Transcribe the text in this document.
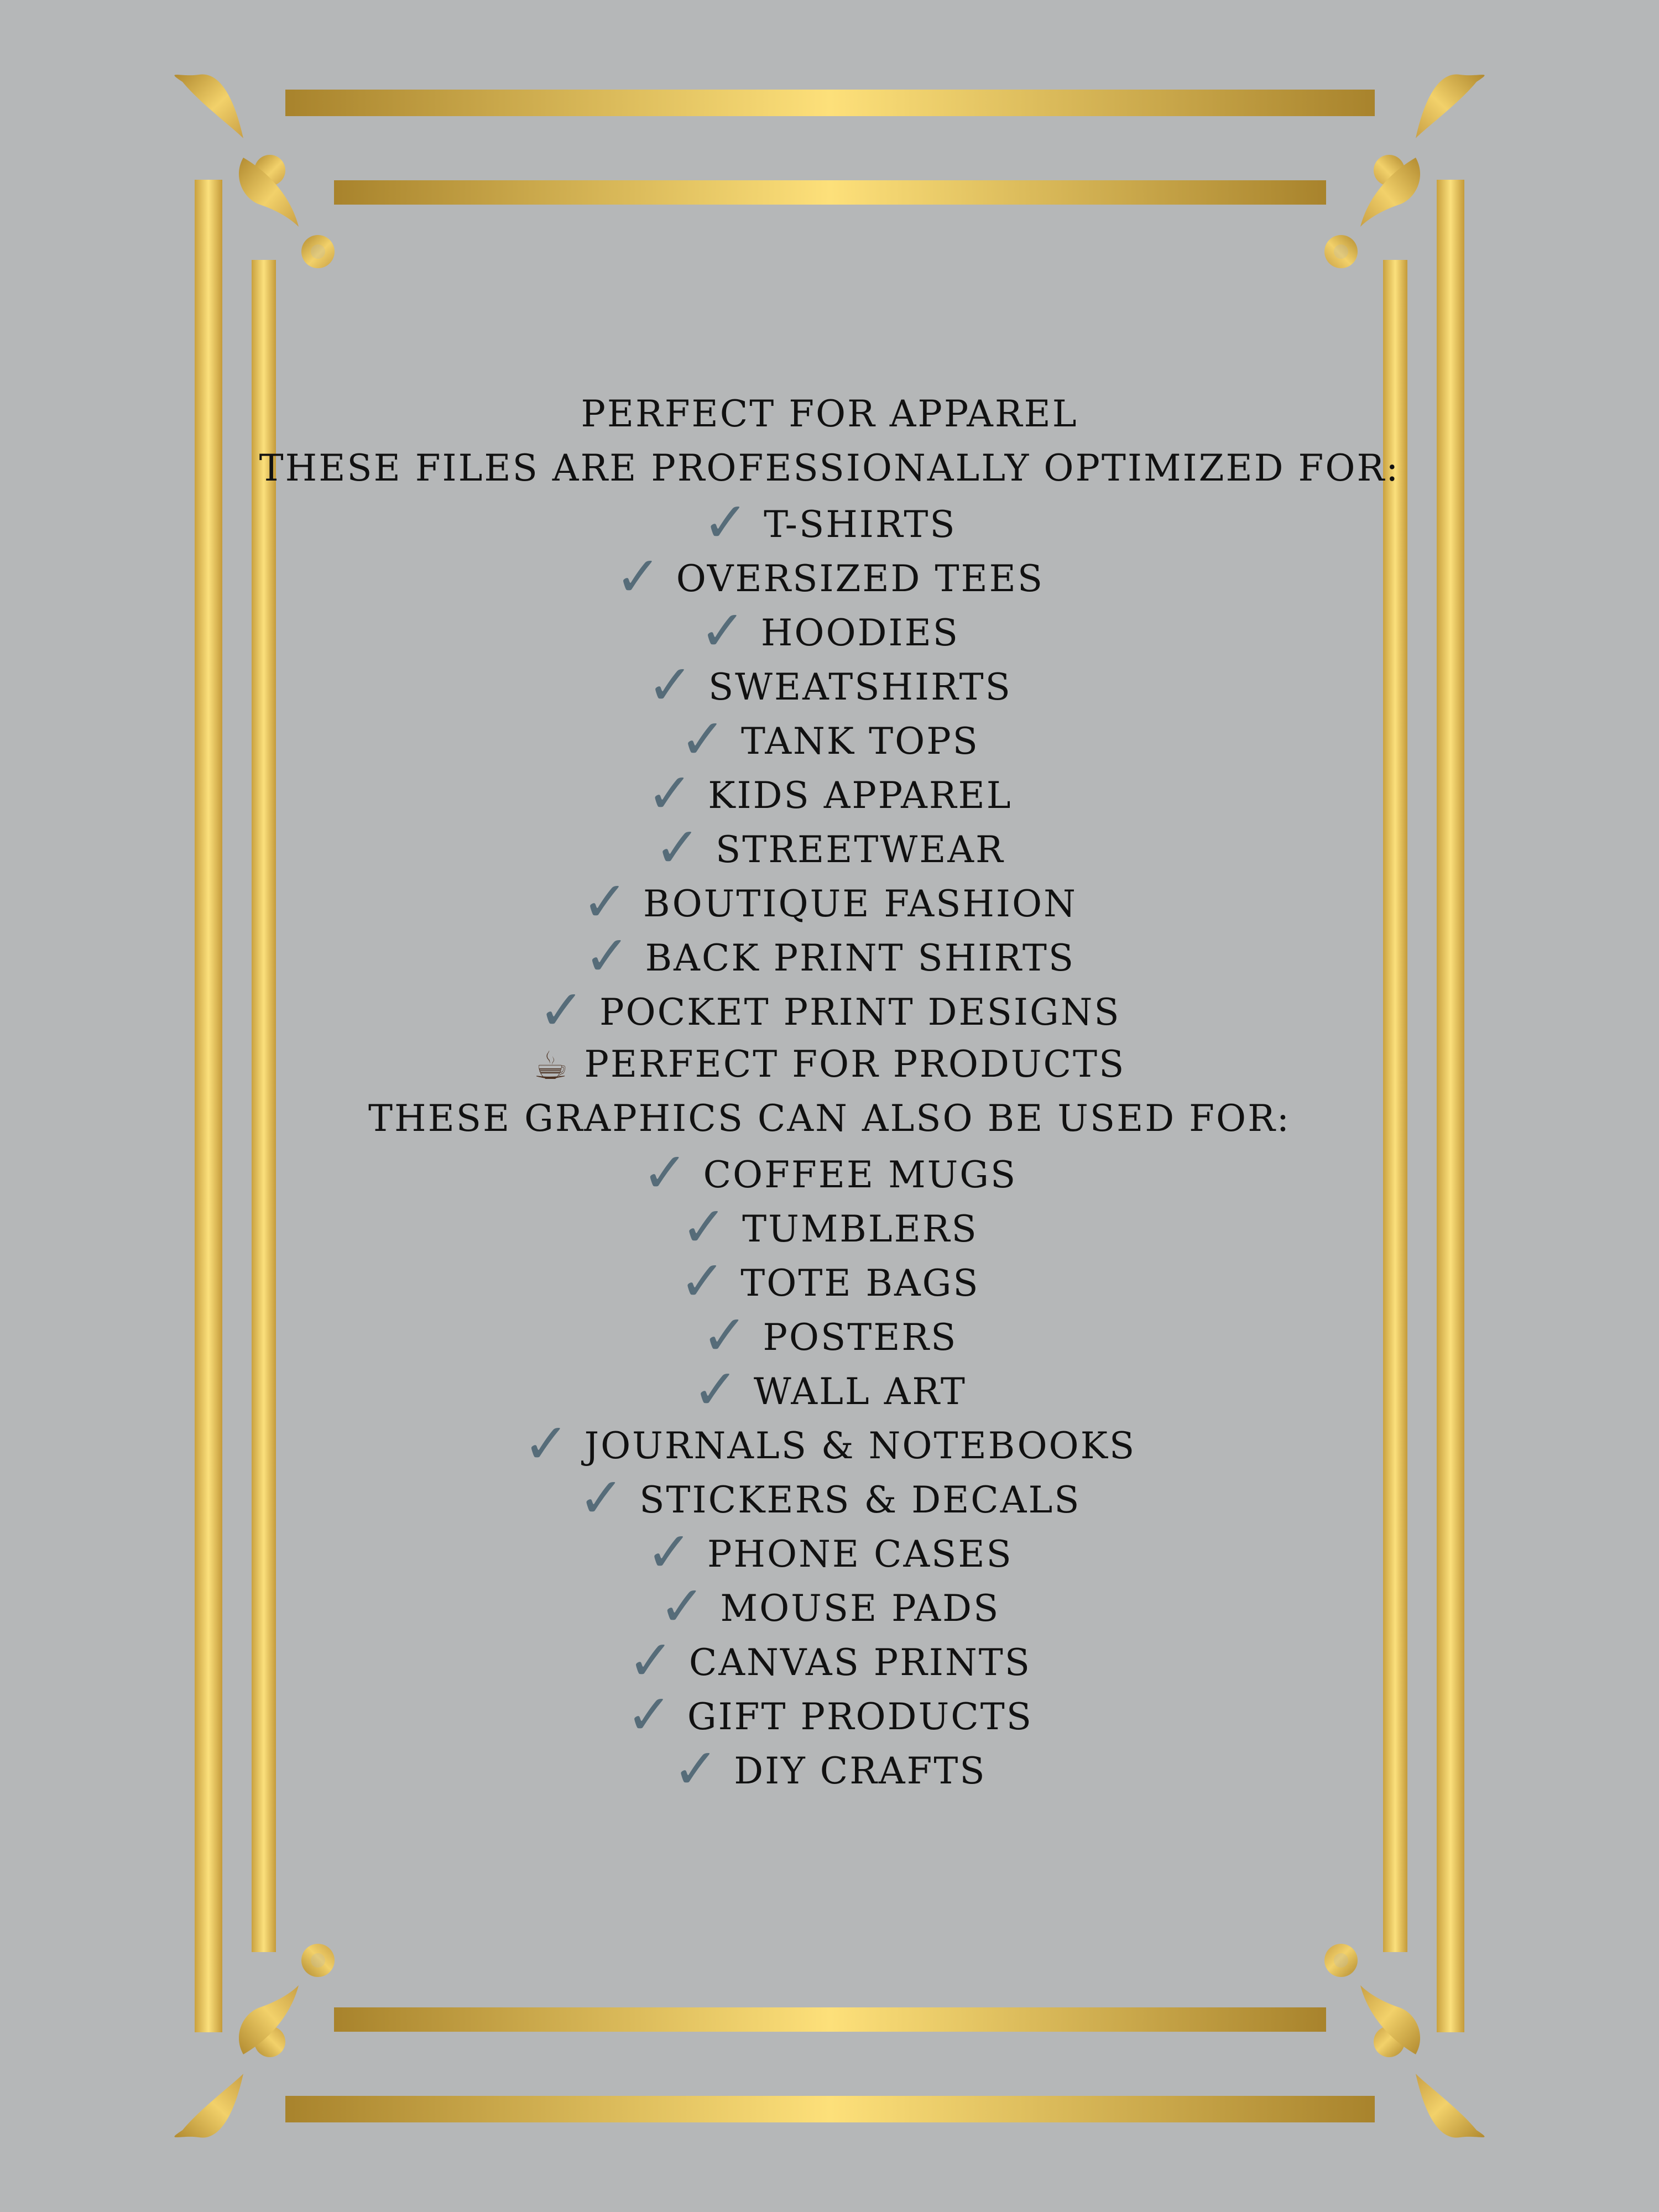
PERFECT FOR APPAREL
THESE FILES ARE PROFESSIONALLY OPTIMIZED FOR:
✓ T-SHIRTS
✓ OVERSIZED TEES
✓ HOODIES
✓ SWEATSHIRTS
✓ TANK TOPS
✓ KIDS APPAREL
✓ STREETWEAR
✓ BOUTIQUE FASHION
✓ BACK PRINT SHIRTS
✓ POCKET PRINT DESIGNS
☕ PERFECT FOR PRODUCTS
THESE GRAPHICS CAN ALSO BE USED FOR:
✓ COFFEE MUGS
✓ TUMBLERS
✓ TOTE BAGS
✓ POSTERS
✓ WALL ART
✓ JOURNALS & NOTEBOOKS
✓ STICKERS & DECALS
✓ PHONE CASES
✓ MOUSE PADS
✓ CANVAS PRINTS
✓ GIFT PRODUCTS
✓ DIY CRAFTS
